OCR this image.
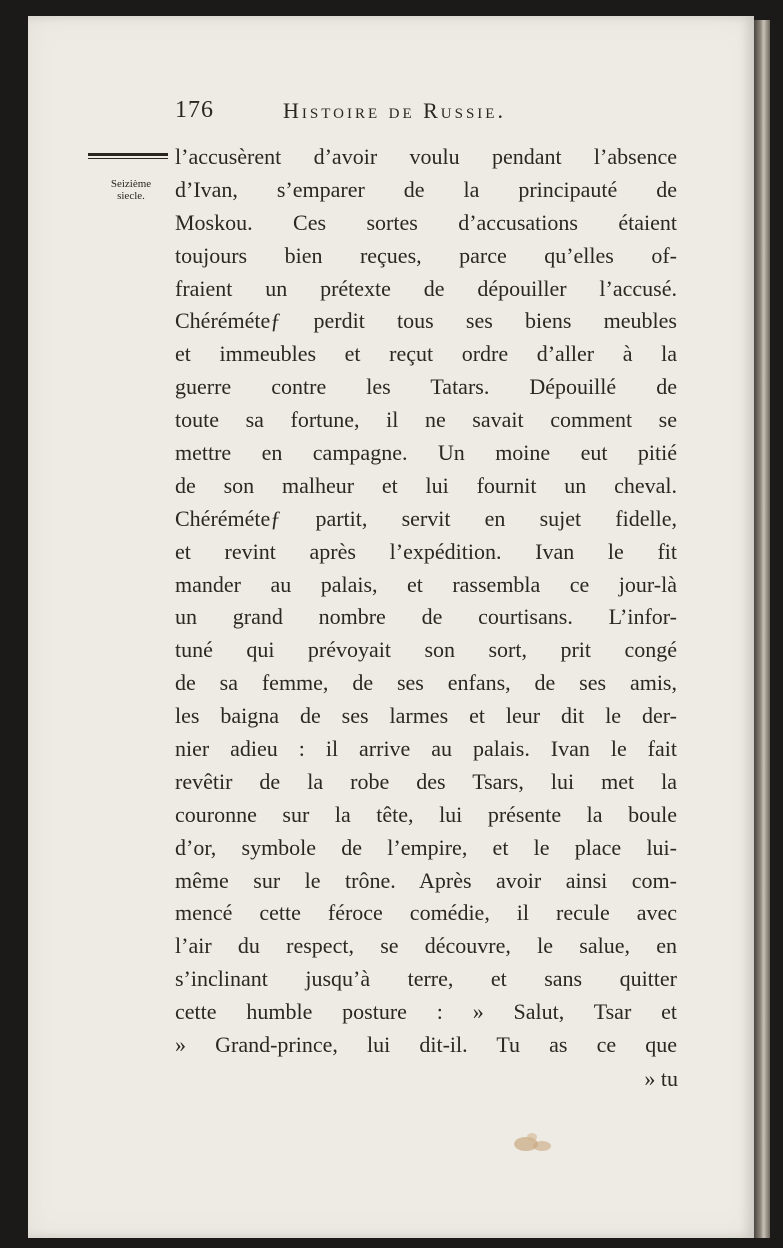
176	Histoire de Russie.
Seizième
siecle.
l’accusèrent d’avoir voulu pendant l’absence
d’Ivan, s’emparer de la principauté de
Moskou. Ces sortes d’accusations étaient
toujours bien reçues, parce qu’elles of-
fraient un prétexte de dépouiller l’accusé.
Chéréméteƒ perdit tous ses biens meubles
et immeubles et reçut ordre d’aller à la
guerre contre les Tatars. Dépouillé de
toute sa fortune, il ne savait comment se
mettre en campagne. Un moine eut pitié
de son malheur et lui fournit un cheval.
Chéréméteƒ partit, servit en sujet fidelle,
et revint après l’expédition. Ivan le fit
mander au palais, et rassembla ce jour-là
un grand nombre de courtisans. L’infor-
tuné qui prévoyait son sort, prit congé
de sa femme, de ses enfans, de ses amis,
les baigna de ses larmes et leur dit le der-
nier adieu : il arrive au palais. Ivan le fait
revêtir de la robe des Tsars, lui met la
couronne sur la tête, lui présente la boule
d’or, symbole de l’empire, et le place lui-
même sur le trône. Après avoir ainsi com-
mencé cette féroce comédie, il recule avec
l’air du respect, se découvre, le salue, en
s’inclinant jusqu’à terre, et sans quitter
cette humble posture : » Salut, Tsar et
» Grand-prince, lui dit-il. Tu as ce que
» tu
